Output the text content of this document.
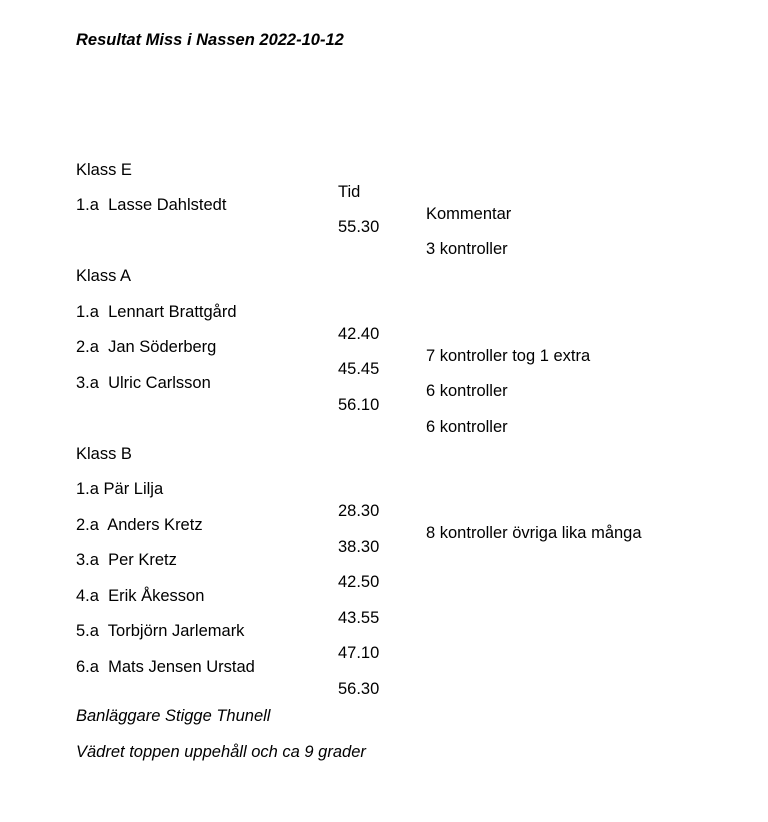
Resultat Miss i Nassen 2022-10-12

Klass E

Tid

Kommentar

1.a  Lasse Dahlstedt

55.30

3 kontroller

Klass A

1.a  Lennart Brattgård

42.40

7 kontroller tog 1 extra

2.a  Jan Söderberg

45.45

6 kontroller

3.a  Ulric Carlsson

56.10

6 kontroller

Klass B

1.a Pär Lilja

28.30

8 kontroller övriga lika många

2.a  Anders Kretz

38.30

3.a  Per Kretz

42.50

4.a  Erik Åkesson

43.55

5.a  Torbjörn Jarlemark

47.10

6.a  Mats Jensen Urstad

56.30

Banläggare Stigge Thunell
Vädret toppen uppehåll och ca 9 grader
